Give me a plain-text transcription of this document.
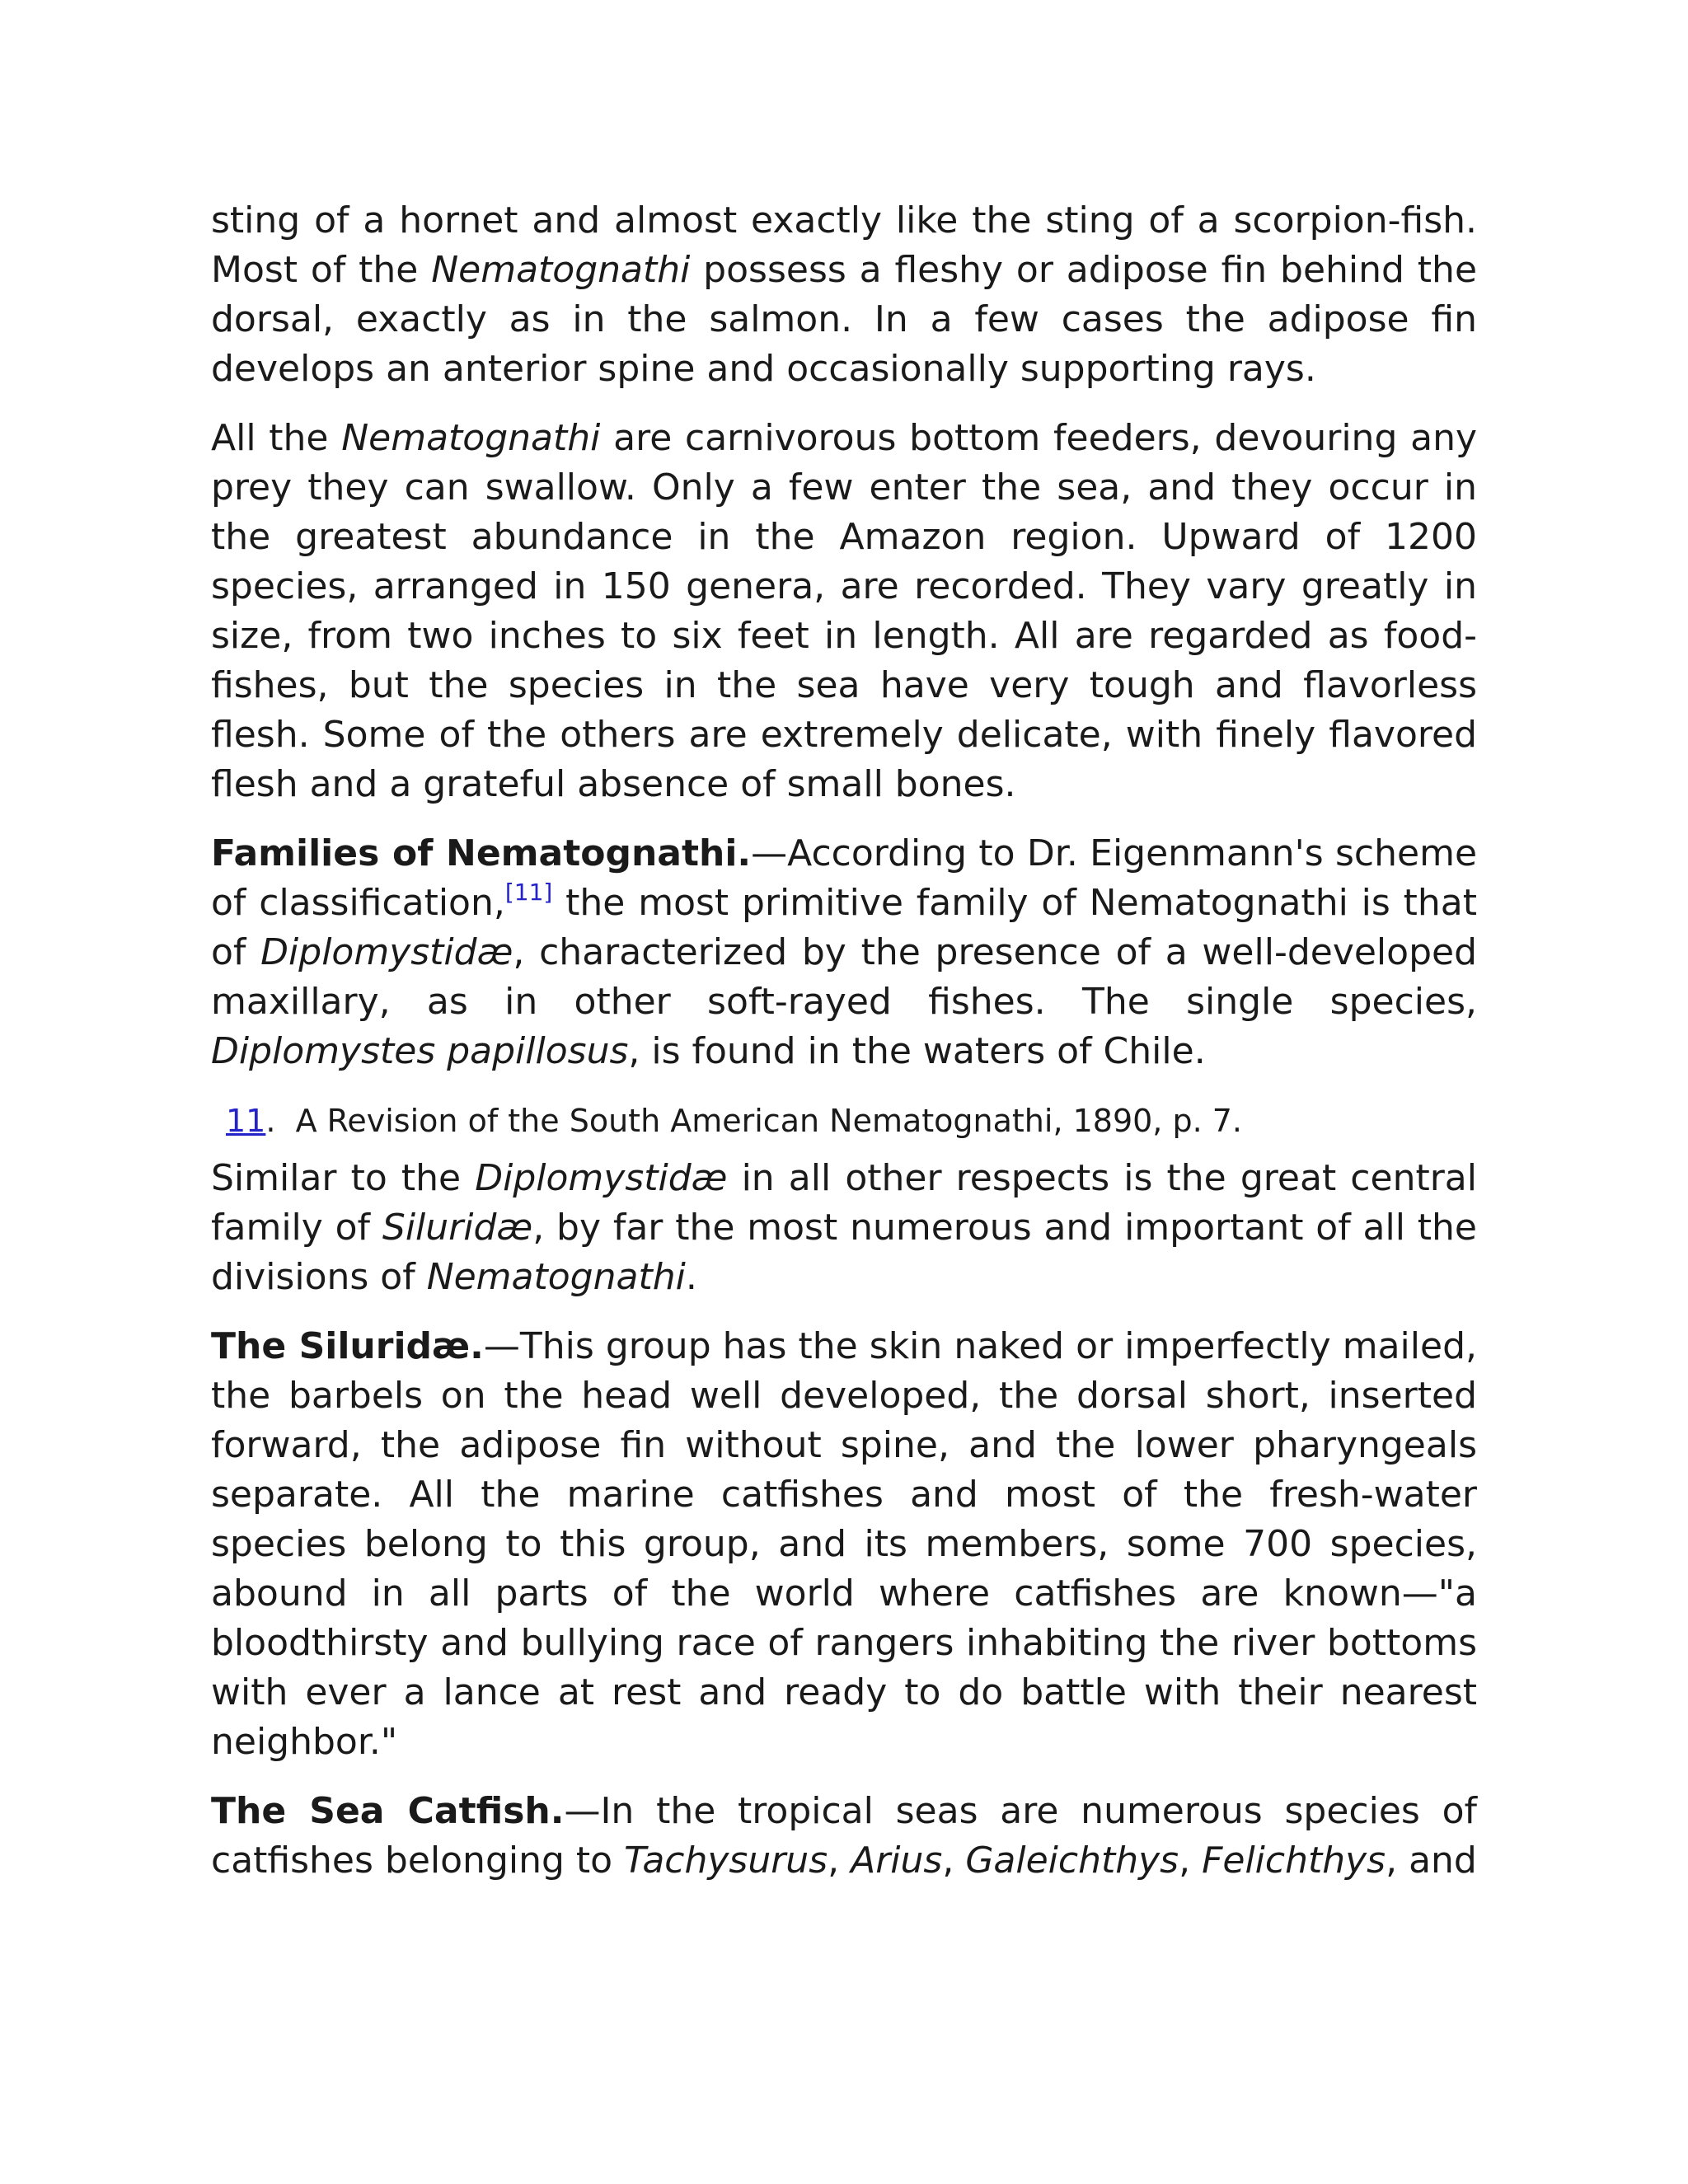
sting of a hornet and almost exactly like the sting of a scorpion-fish. Most of the Nematognathi possess a fleshy or adipose fin behind the dorsal, exactly as in the salmon. In a few cases the adipose fin develops an anterior spine and occasionally supporting rays.

All the Nematognathi are carnivorous bottom feeders, devouring any prey they can swallow. Only a few enter the sea, and they occur in the greatest abundance in the Amazon region. Upward of 1200 species, arranged in 150 genera, are recorded. They vary greatly in size, from two inches to six feet in length. All are regarded as food-fishes, but the species in the sea have very tough and flavorless flesh. Some of the others are extremely delicate, with finely flavored flesh and a grateful absence of small bones.

Families of Nematognathi.—According to Dr. Eigenmann's scheme of classification,[11] the most primitive family of Nematognathi is that of Diplomystidæ, characterized by the presence of a well-developed maxillary, as in other soft-rayed fishes. The single species, Diplomystes papillosus, is found in the waters of Chile.

11.  A Revision of the South American Nematognathi, 1890, p. 7.

Similar to the Diplomystidæ in all other respects is the great central family of Siluridæ, by far the most numerous and important of all the divisions of Nematognathi.

The Siluridæ.—This group has the skin naked or imperfectly mailed, the barbels on the head well developed, the dorsal short, inserted forward, the adipose fin without spine, and the lower pharyngeals separate. All the marine catfishes and most of the fresh-water species belong to this group, and its members, some 700 species, abound in all parts of the world where catfishes are known—"a bloodthirsty and bullying race of rangers inhabiting the river bottoms with ever a lance at rest and ready to do battle with their nearest neighbor."

The Sea Catfish.—In the tropical seas are numerous species of catfishes belonging to Tachysurus, Arius, Galeichthys, Felichthys, and
